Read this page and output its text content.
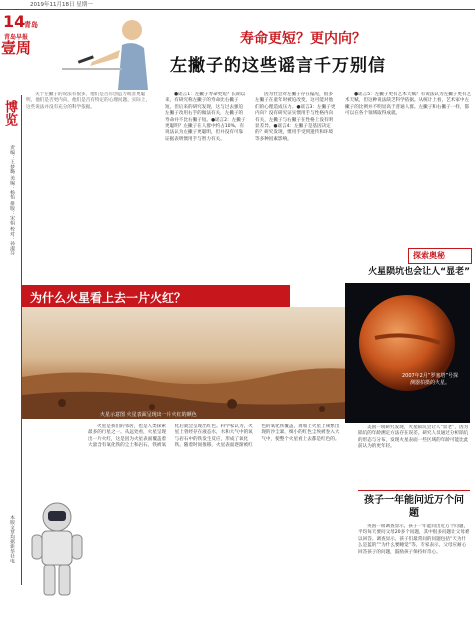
14
2019年11月18日 星期一
青岛早报
青岛
壹周
博览
责编：王梦璐 美编：杨怡 排版：宋娟 校对：孙淑芬
本版文章均据新华社电
寿命更短？更内向？
左撇子的这些谣言千万别信

关于左撇子的说法有很多，他们是否有创造力或者更聪明，他们是否更内向，他们是否有特定的心理问题。实际上，这些说法并没有充分的科学依据。

●谣言1：左撇子寿命更短？长期以来，有研究称左撇子的寿命比右撇子短，但后来的研究发现，这与过去强迫左撇子改用右手的做法有关，左撇子的寿命并不比右撇子短。●谣言2：左撇子更聪明？左撇子在人群中约占10%，有说法认为左撇子更聪明，但并没有可靠证据表明惯用手与智力有关。

因为社会对左撇子存在偏见，很多左撇子在童年时被迫改变，这可能对他们的心理造成压力。●谣言3：左撇子更内向？没有研究证实惯用手与性格内向有关，左撇子与右撇子在性格上没有明显差异。●谣言4：左撇子是基因决定的？研究发现，惯用手受到遗传和环境等多种因素影响。

●谣言5：左撇子更有艺术天赋？有说法认为左撇子更有艺术天赋，但这种说法缺乏科学依据。从统计上看，艺术家中左撇子的比例并不明显高于普通人群。左撇子和右撇子一样，都可以在各个领域取得成就。

为什么火星看上去一片火红？
2007年2月“罗塞塔”号探测器拍摄的火星。
火星示意图 火星表面呈现出一片火红的颜色

火星是我们的邻居，也是人类探索最多的行星之一。从远处看，火星呈现出一片火红，这是因为火星表面覆盖着大量含有氧化铁的尘土和岩石，铁被氧化后就会呈现出红色。科学家认为，火星上曾经存在液态水，水和大气中的氧与岩石中的铁发生反应，形成了氧化铁。随着时间推移，火星表面逐渐被红色的氧化铁覆盖，再加上火星上频繁出现的沙尘暴，细小的红色尘埃被卷入大气中，使整个火星看上去都是红色的。

探索奥秘
火星陨坑也会让人“显老”

美国一项研究发现，火星陨坑会让人“显老”，因为陨坑的年龄测定方法存在误差。研究人员通过分析陨坑的形态与分布，发现火星表面一些区域的年龄可能比此前认为的更年轻。

孩子一年能问近万个问题

英国一项调查显示，孩子一年能问出近万个问题，平均每天要问父母20多个问题，其中很多问题让父母难以回答。调查显示，孩子们最常问的问题包括“天为什么是蓝的”“为什么要睡觉”等。专家表示，父母应耐心回答孩子的问题，鼓励孩子保持好奇心。
